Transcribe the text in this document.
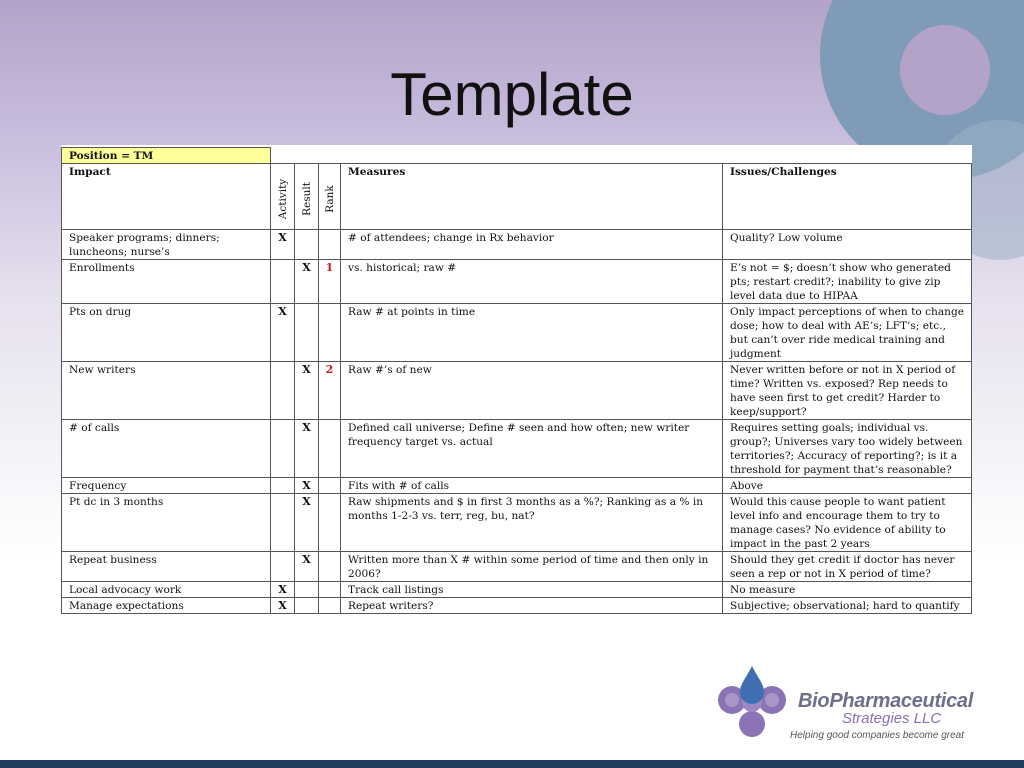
Template
Position = TM					
Impact	Activity	Result	Rank	Measures	Issues/Challenges
Speaker programs; dinners; luncheons; nurse’s	X			# of attendees; change in Rx behavior	Quality? Low volume
Enrollments		X	1	vs. historical; raw #	E’s not = $; doesn’t show who generated pts; restart credit?; inability to give zip level data due to HIPAA
Pts on drug	X			Raw # at points in time	Only impact perceptions of when to change dose; how to deal with AE’s; LFT’s; etc., but can’t over ride medical training and judgment
New writers		X	2	Raw #’s of new	Never written before or not in X period of time? Written vs. exposed? Rep needs to have seen first to get credit? Harder to keep/support?
# of calls		X		Defined call universe; Define # seen and how often; new writer frequency target vs. actual	Requires setting goals; individual vs. group?; Universes vary too widely between territories?; Accuracy of reporting?; is it a threshold for payment that’s reasonable?
Frequency		X		Fits with # of calls	Above
Pt dc in 3 months		X		Raw shipments and $ in first 3 months as a %?; Ranking as a % in months 1-2-3 vs. terr, reg, bu, nat?	Would this cause people to want patient level info and encourage them to try to manage cases? No evidence of ability to impact in the past 2 years
Repeat business		X		Written more than X # within some period of time and then only in 2006?	Should they get credit if doctor has never seen a rep or not in X period of time?
Local advocacy work	X			Track call listings	No measure
Manage expectations	X			Repeat writers?	Subjective; observational; hard to quantify
BioPharmaceutical
Strategies LLC
Helping good companies become great
